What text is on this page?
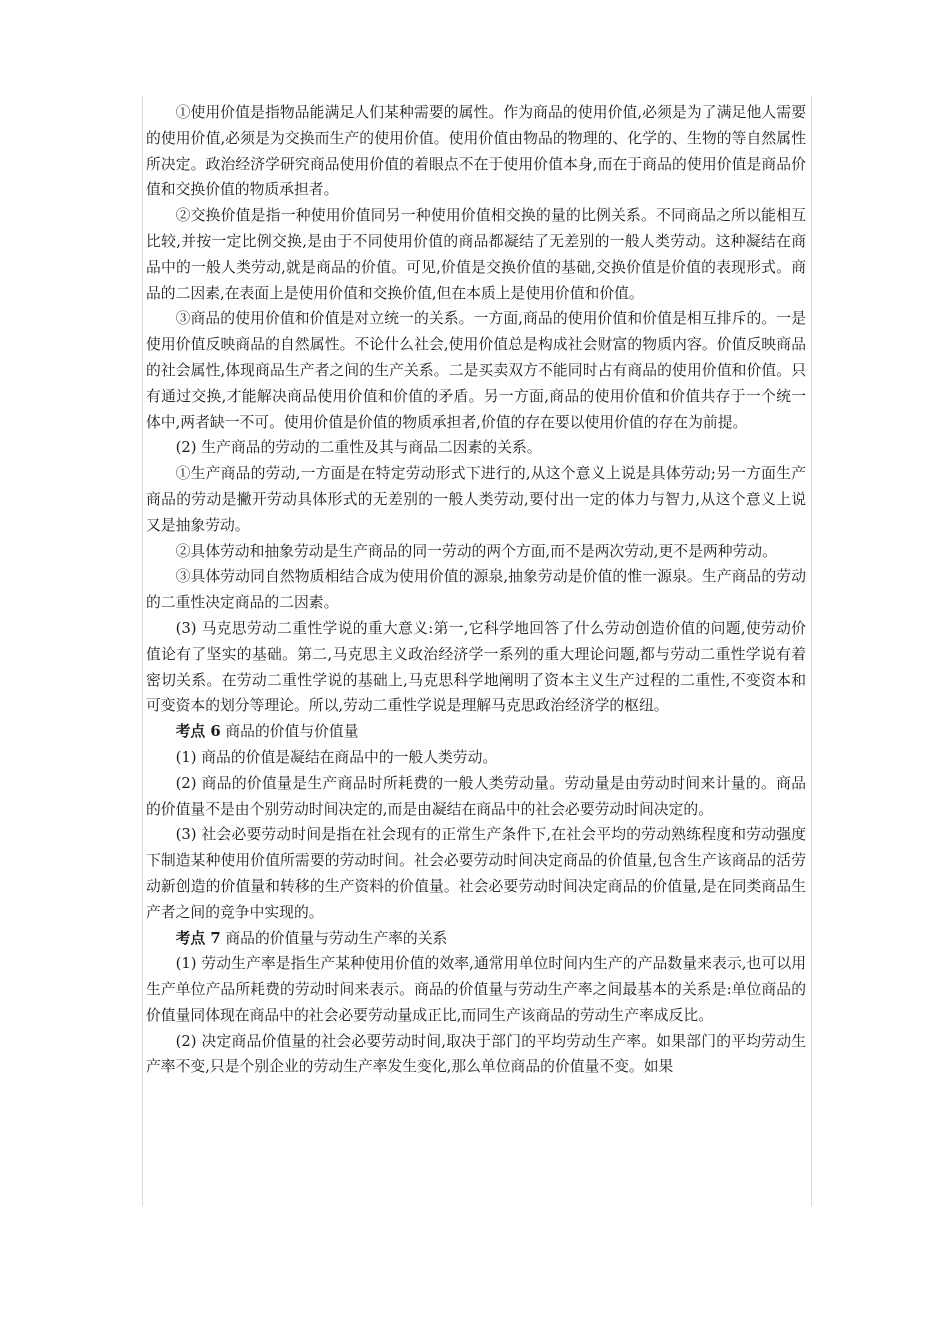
①使用价值是指物品能满足人们某种需要的属性。作为商品的使用价值,必须是为了满足他人需要的使用价值,必须是为交换而生产的使用价值。使用价值由物品的物理的、化学的、生物的等自然属性所决定。政治经济学研究商品使用价值的着眼点不在于使用价值本身,而在于商品的使用价值是商品价值和交换价值的物质承担者。

②交换价值是指一种使用价值同另一种使用价值相交换的量的比例关系。不同商品之所以能相互比较,并按一定比例交换,是由于不同使用价值的商品都凝结了无差别的一般人类劳动。这种凝结在商品中的一般人类劳动,就是商品的价值。可见,价值是交换价值的基础,交换价值是价值的表现形式。商品的二因素,在表面上是使用价值和交换价值,但在本质上是使用价值和价值。

③商品的使用价值和价值是对立统一的关系。一方面,商品的使用价值和价值是相互排斥的。一是使用价值反映商品的自然属性。不论什么社会,使用价值总是构成社会财富的物质内容。价值反映商品的社会属性,体现商品生产者之间的生产关系。二是买卖双方不能同时占有商品的使用价值和价值。只有通过交换,才能解决商品使用价值和价值的矛盾。另一方面,商品的使用价值和价值共存于一个统一体中,两者缺一不可。使用价值是价值的物质承担者,价值的存在要以使用价值的存在为前提。

(2) 生产商品的劳动的二重性及其与商品二因素的关系。

①生产商品的劳动,一方面是在特定劳动形式下进行的,从这个意义上说是具体劳动;另一方面生产商品的劳动是撇开劳动具体形式的无差别的一般人类劳动,要付出一定的体力与智力,从这个意义上说又是抽象劳动。

②具体劳动和抽象劳动是生产商品的同一劳动的两个方面,而不是两次劳动,更不是两种劳动。

③具体劳动同自然物质相结合成为使用价值的源泉,抽象劳动是价值的惟一源泉。生产商品的劳动的二重性决定商品的二因素。

(3) 马克思劳动二重性学说的重大意义:第一,它科学地回答了什么劳动创造价值的问题,使劳动价值论有了坚实的基础。第二,马克思主义政治经济学一系列的重大理论问题,都与劳动二重性学说有着密切关系。在劳动二重性学说的基础上,马克思科学地阐明了资本主义生产过程的二重性,不变资本和可变资本的划分等理论。所以,劳动二重性学说是理解马克思政治经济学的枢纽。

考点 6 商品的价值与价值量

(1) 商品的价值是凝结在商品中的一般人类劳动。

(2) 商品的价值量是生产商品时所耗费的一般人类劳动量。劳动量是由劳动时间来计量的。商品的价值量不是由个别劳动时间决定的,而是由凝结在商品中的社会必要劳动时间决定的。

(3) 社会必要劳动时间是指在社会现有的正常生产条件下,在社会平均的劳动熟练程度和劳动强度下制造某种使用价值所需要的劳动时间。社会必要劳动时间决定商品的价值量,包含生产该商品的活劳动新创造的价值量和转移的生产资料的价值量。社会必要劳动时间决定商品的价值量,是在同类商品生产者之间的竞争中实现的。

考点 7 商品的价值量与劳动生产率的关系

(1) 劳动生产率是指生产某种使用价值的效率,通常用单位时间内生产的产品数量来表示,也可以用生产单位产品所耗费的劳动时间来表示。商品的价值量与劳动生产率之间最基本的关系是:单位商品的价值量同体现在商品中的社会必要劳动量成正比,而同生产该商品的劳动生产率成反比。

(2) 决定商品价值量的社会必要劳动时间,取决于部门的平均劳动生产率。如果部门的平均劳动生产率不变,只是个别企业的劳动生产率发生变化,那么单位商品的价值量不变。如果
